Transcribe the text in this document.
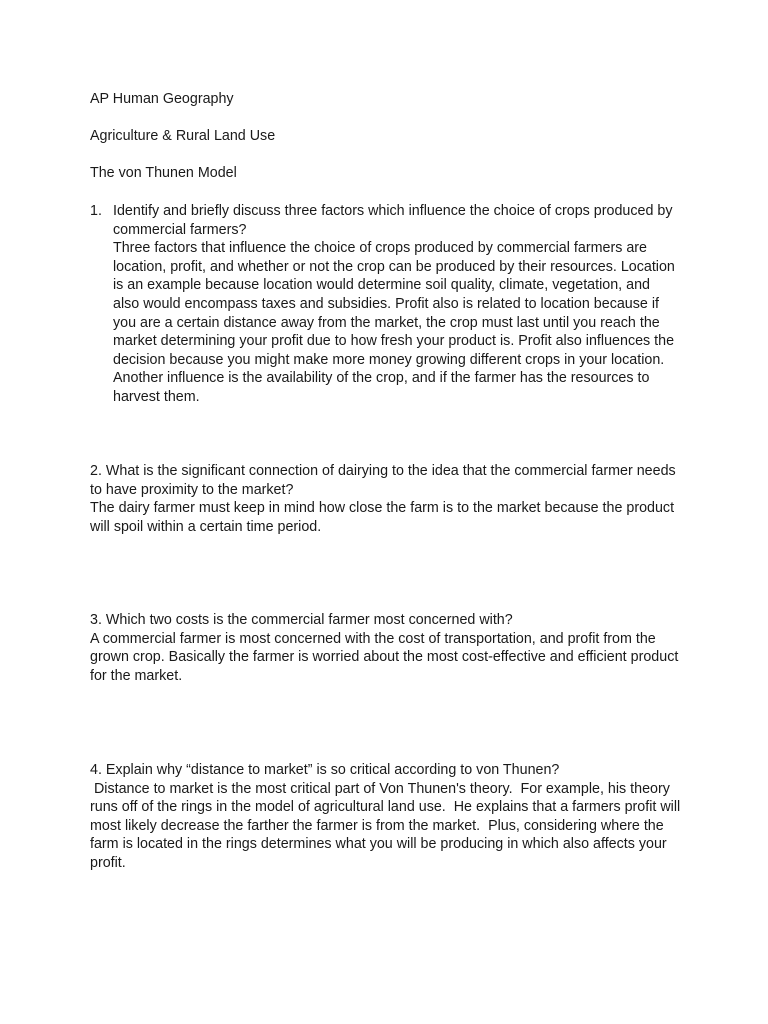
AP Human Geography
Agriculture & Rural Land Use
The von Thunen Model
1. Identify and briefly discuss three factors which influence the choice of crops produced by commercial farmers?

Three factors that influence the choice of crops produced by commercial farmers are location, profit, and whether or not the crop can be produced by their resources. Location is an example because location would determine soil quality, climate, vegetation, and also would encompass taxes and subsidies. Profit also is related to location because if you are a certain distance away from the market, the crop must last until you reach the market determining your profit due to how fresh your product is. Profit also influences the decision because you might make more money growing different crops in your location. Another influence is the availability of the crop, and if the farmer has the resources to harvest them.

2. What is the significant connection of dairying to the idea that the commercial farmer needs to have proximity to the market?

The dairy farmer must keep in mind how close the farm is to the market because the product will spoil within a certain time period.

3. Which two costs is the commercial farmer most concerned with?

A commercial farmer is most concerned with the cost of transportation, and profit from the grown crop. Basically the farmer is worried about the most cost-effective and efficient product for the market.

4. Explain why “distance to market” is so critical according to von Thunen?

Distance to market is the most critical part of Von Thunen's theory.  For example, his theory runs off of the rings in the model of agricultural land use.  He explains that a farmers profit will most likely decrease the farther the farmer is from the market.  Plus, considering where the farm is located in the rings determines what you will be producing in which also affects your profit.
